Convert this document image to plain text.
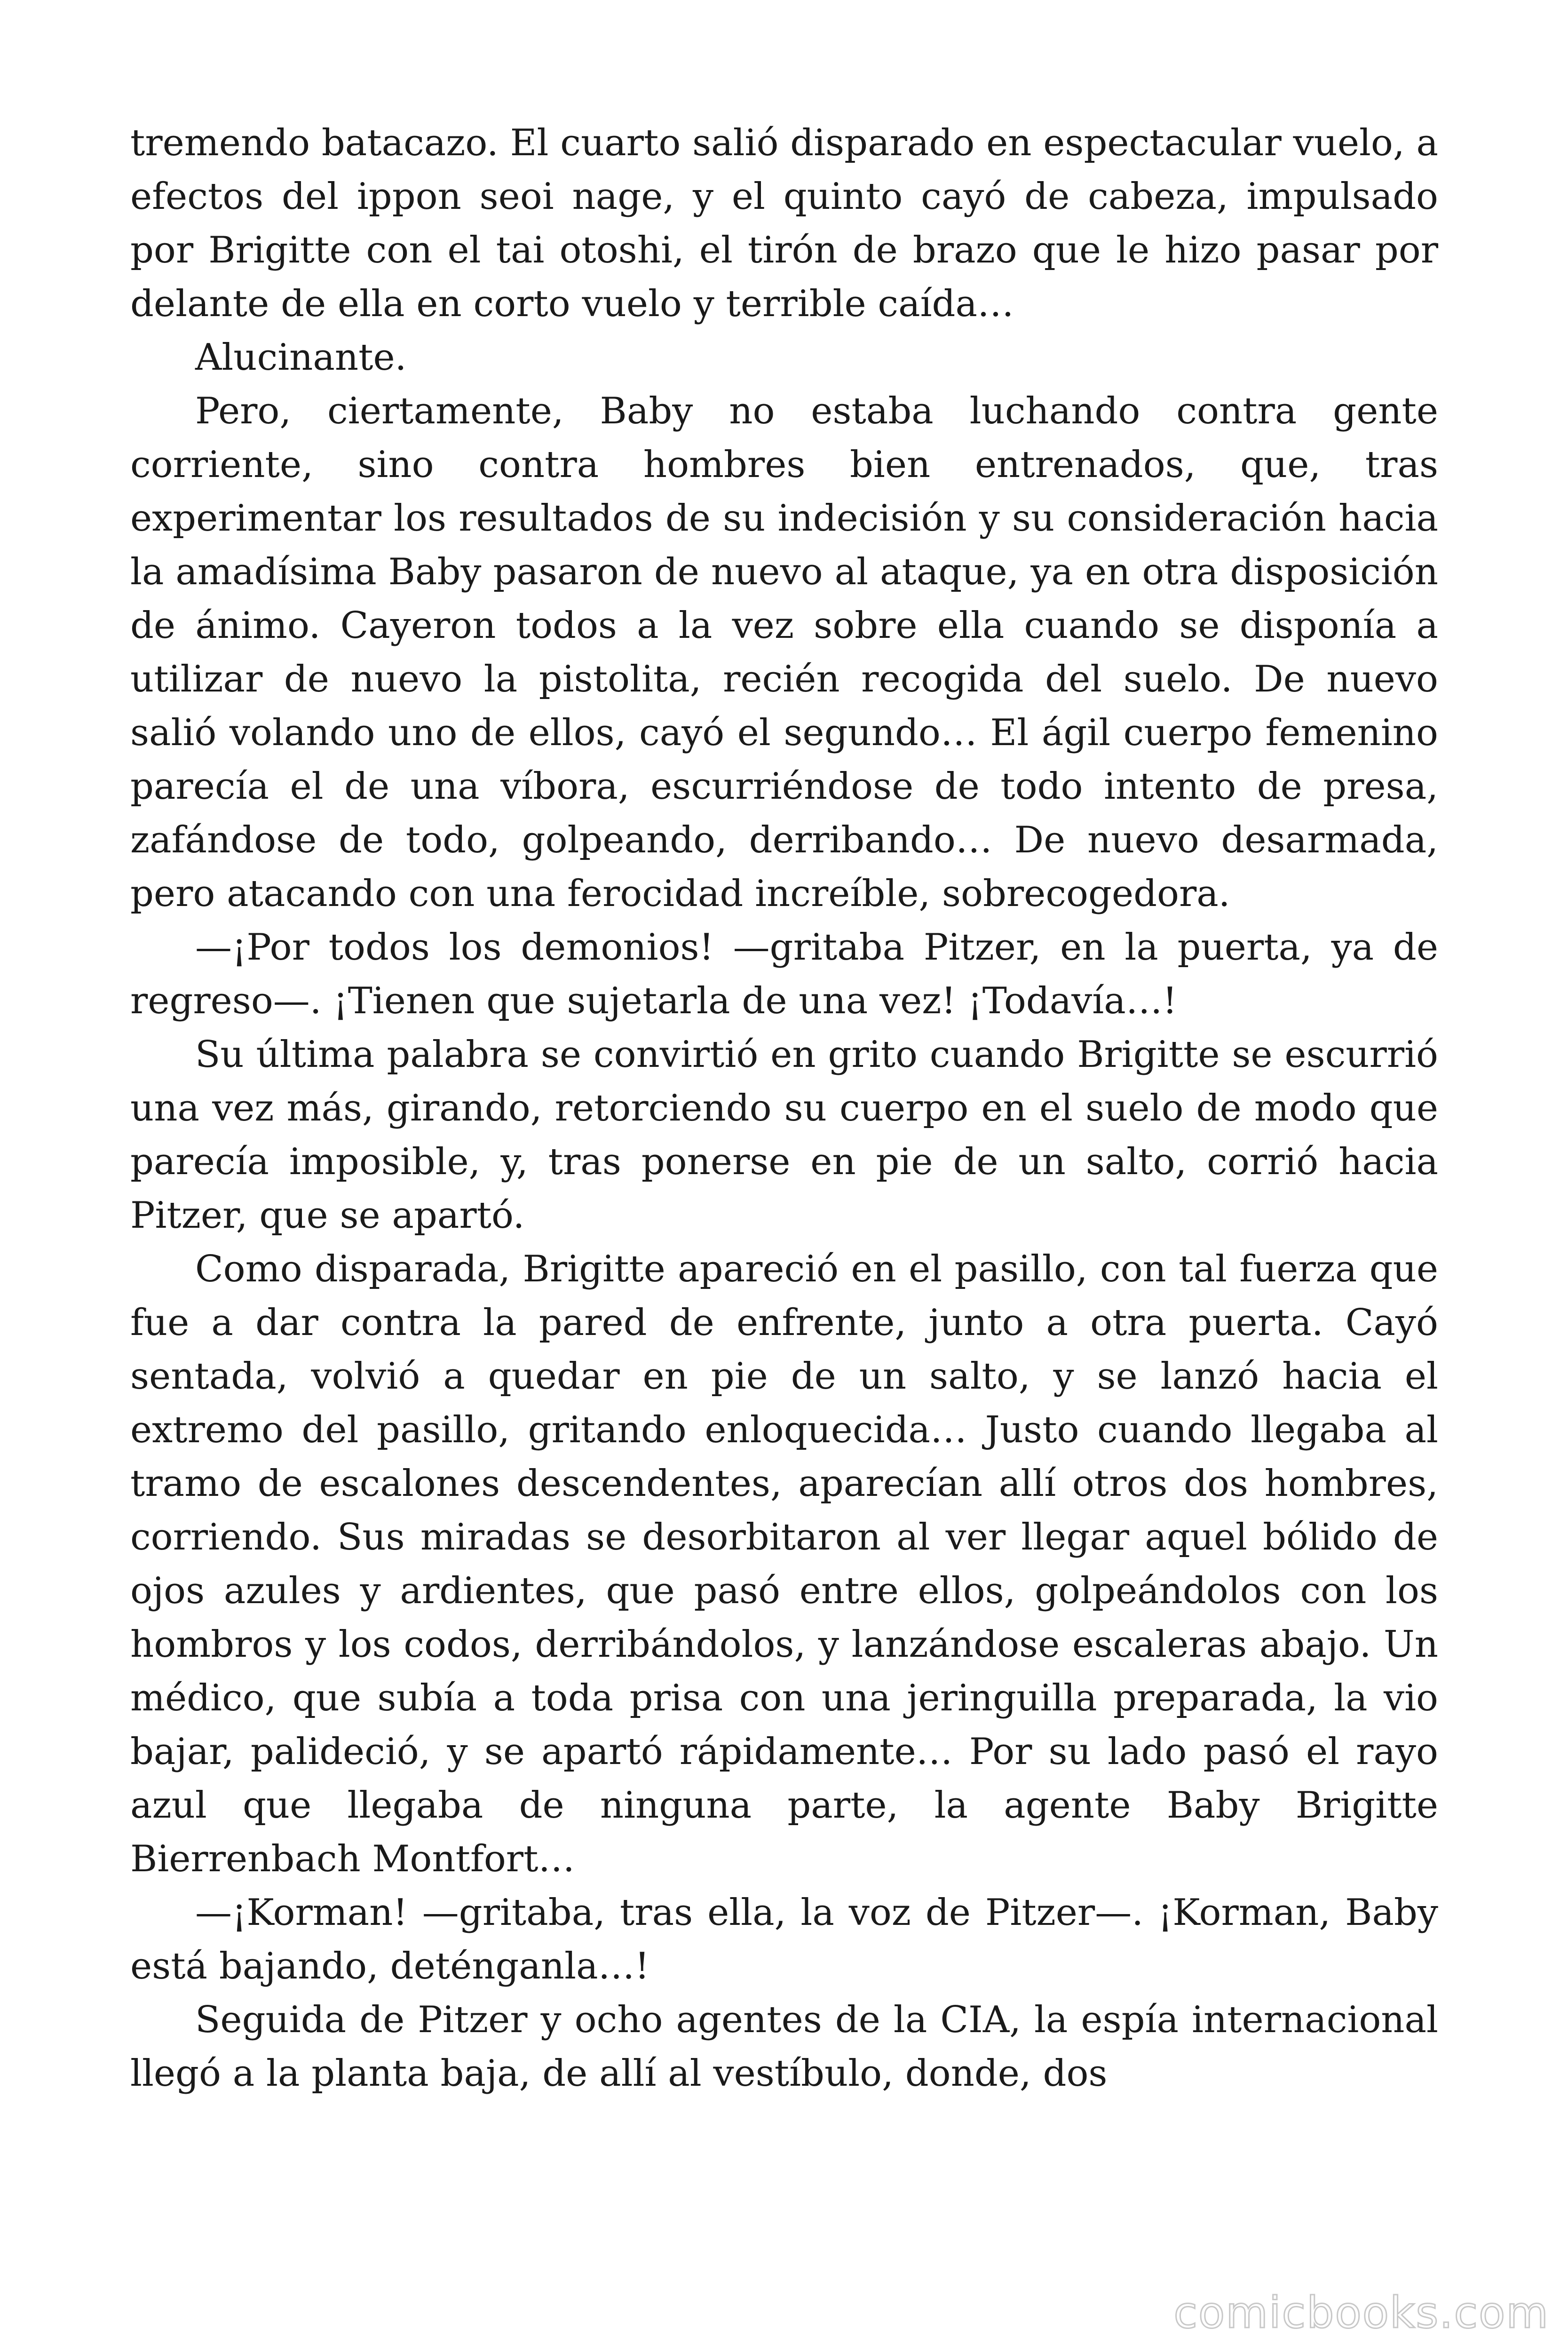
tremendo batacazo. El cuarto salió disparado en espectacular vuelo, a efectos del ippon seoi nage, y el quinto cayó de cabeza, impulsado por Brigitte con el tai otoshi, el tirón de brazo que le hizo pasar por delante de ella en corto vuelo y terrible caída…

Alucinante.

Pero, ciertamente, Baby no estaba luchando contra gente corriente, sino contra hombres bien entrenados, que, tras experimentar los resultados de su indecisión y su consideración hacia la amadísima Baby pasaron de nuevo al ataque, ya en otra disposición de ánimo. Cayeron todos a la vez sobre ella cuando se disponía a utilizar de nuevo la pistolita, recién recogida del suelo. De nuevo salió volando uno de ellos, cayó el segundo… El ágil cuerpo femenino parecía el de una víbora, escurriéndose de todo intento de presa, zafándose de todo, golpeando, derribando… De nuevo desarmada, pero atacando con una ferocidad increíble, sobrecogedora.

—¡Por todos los demonios! —gritaba Pitzer, en la puerta, ya de regreso—. ¡Tienen que sujetarla de una vez! ¡Todavía…!

Su última palabra se convirtió en grito cuando Brigitte se escurrió una vez más, girando, retorciendo su cuerpo en el suelo de modo que parecía imposible, y, tras ponerse en pie de un salto, corrió hacia Pitzer, que se apartó.

Como disparada, Brigitte apareció en el pasillo, con tal fuerza que fue a dar contra la pared de enfrente, junto a otra puerta. Cayó sentada, volvió a quedar en pie de un salto, y se lanzó hacia el extremo del pasillo, gritando enloquecida… Justo cuando llegaba al tramo de escalones descendentes, aparecían allí otros dos hombres, corriendo. Sus miradas se desorbitaron al ver llegar aquel bólido de ojos azules y ardientes, que pasó entre ellos, golpeándolos con los hombros y los codos, derribándolos, y lanzándose escaleras abajo. Un médico, que subía a toda prisa con una jeringuilla preparada, la vio bajar, palideció, y se apartó rápidamente… Por su lado pasó el rayo azul que llegaba de ninguna parte, la agente Baby Brigitte Bierrenbach Montfort…

—¡Korman! —gritaba, tras ella, la voz de Pitzer—. ¡Korman, Baby está bajando, deténganla…!

Seguida de Pitzer y ocho agentes de la CIA, la espía internacional llegó a la planta baja, de allí al vestíbulo, donde, dos

comicbooks.com
